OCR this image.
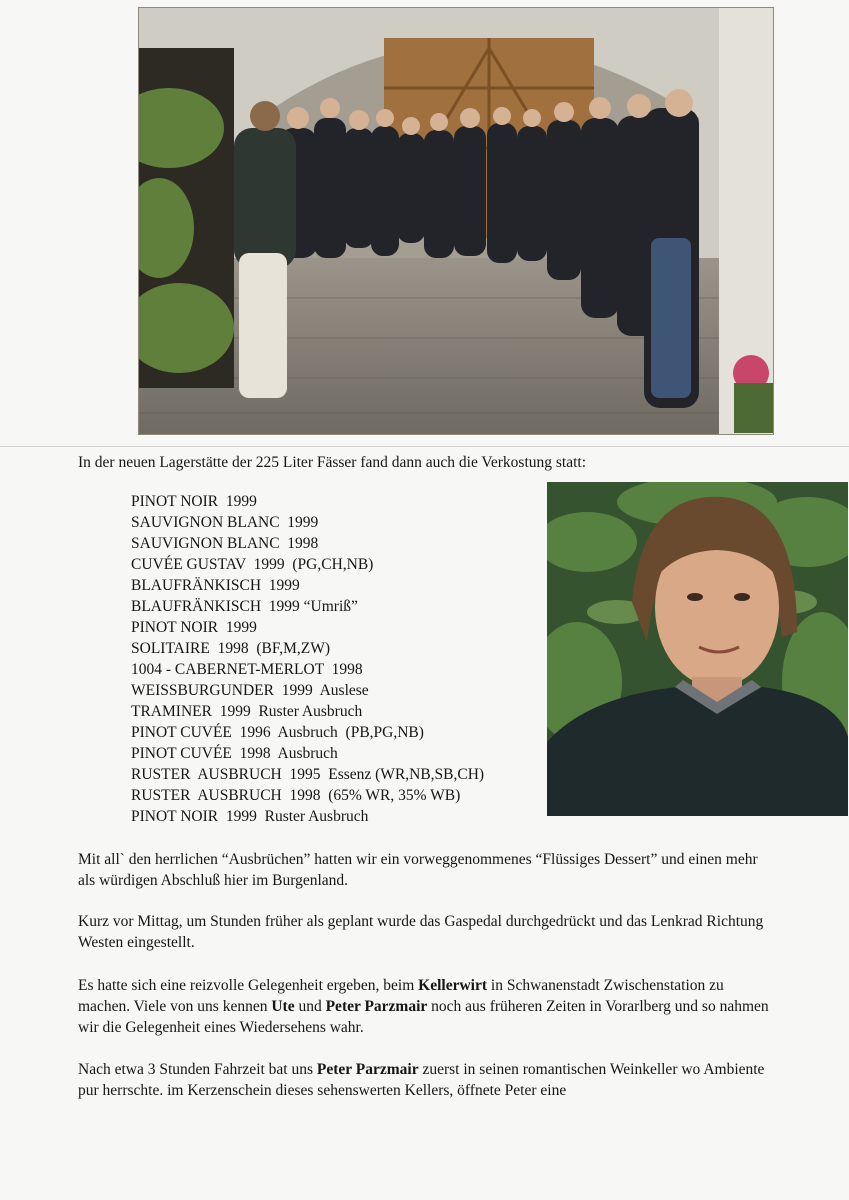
In der neuen Lagerstätte der 225 Liter Fässer fand dann auch die Verkostung statt:

PINOT NOIR  1999
SAUVIGNON BLANC  1999
SAUVIGNON BLANC  1998
CUVÉE GUSTAV  1999  (PG,CH,NB)
BLAUFRÄNKISCH  1999
BLAUFRÄNKISCH  1999 “Umriß”
PINOT NOIR  1999
SOLITAIRE  1998  (BF,M,ZW)
1004 - CABERNET-MERLOT  1998
WEISSBURGUNDER  1999  Auslese
TRAMINER  1999  Ruster Ausbruch
PINOT CUVÉE  1996  Ausbruch  (PB,PG,NB)
PINOT CUVÉE  1998  Ausbruch
RUSTER  AUSBRUCH  1995  Essenz (WR,NB,SB,CH)
RUSTER  AUSBRUCH  1998  (65% WR, 35% WB)
PINOT NOIR  1999  Ruster Ausbruch

Mit all` den herrlichen “Ausbrüchen” hatten wir ein vorweggenommenes “Flüssiges Dessert” und einen mehr als würdigen Abschluß hier im Burgenland.

Kurz vor Mittag, um Stunden früher als geplant wurde das Gaspedal durchgedrückt und das Lenkrad Richtung Westen eingestellt.

Es hatte sich eine reizvolle Gelegenheit ergeben, beim Kellerwirt in Schwanenstadt Zwischenstation zu machen. Viele von uns kennen Ute und Peter Parzmair noch aus früheren Zeiten in Vorarlberg und so nahmen wir die Gelegenheit eines Wiedersehens wahr.

Nach etwa 3 Stunden Fahrzeit bat uns Peter Parzmair zuerst in seinen romantischen Weinkeller wo Ambiente pur herrschte. im Kerzenschein dieses sehenswerten Kellers, öffnete Peter eine
